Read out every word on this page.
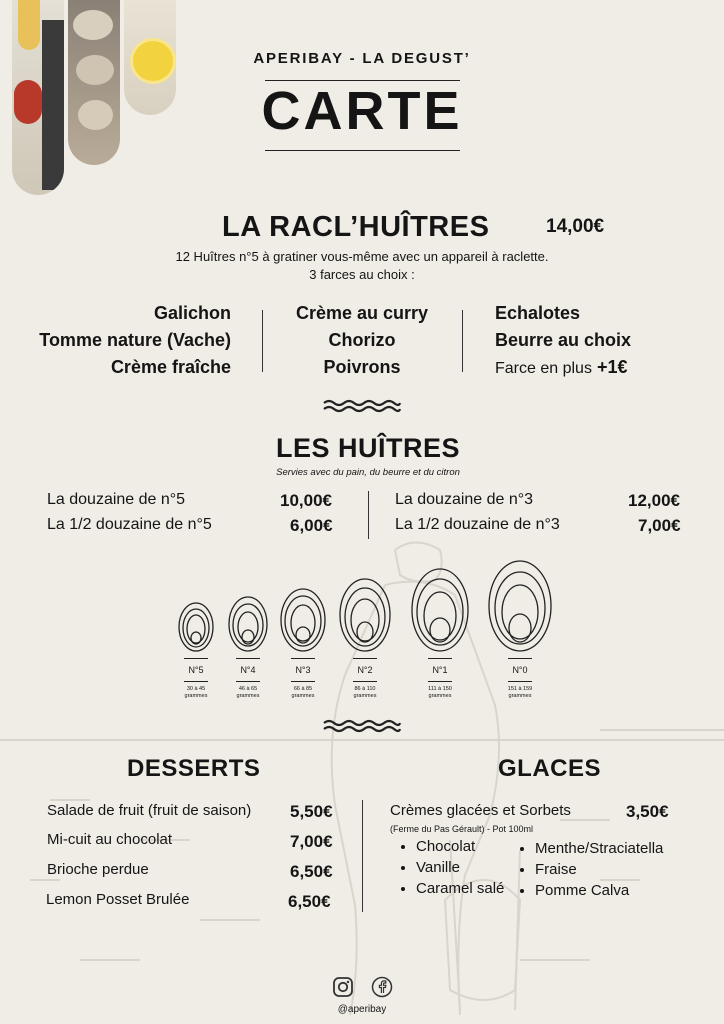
APERIBAY - LA DEGUST’
CARTE
LA RACL’HUÎTRES	14,00€
12 Huîtres n°5 à gratiner vous-même avec un appareil à raclette.
3 farces au choix :
Galichon
Tomme nature (Vache)
Crème fraîche
Crème au curry
Chorizo
Poivrons
Echalotes
Beurre au choix
Farce en plus +1€
LES HUÎTRES
Servies avec du pain, du beurre et du citron
La douzaine de n°5	10,00€
La 1/2 douzaine de n°5	6,00€
La douzaine de n°3	12,00€
La 1/2 douzaine de n°3	7,00€
N°5
30 à 45
grammes
N°4
46 à 65
grammes
N°3
66 à 85
grammes
N°2
86 à 110
grammes
N°1
111 à 150
grammes
N°0
151 à 159
grammes
DESSERTS
Salade de fruit (fruit de saison) 5,50€
Mi-cuit au chocolat	7,00€
Brioche perdue	6,50€
Lemon Posset Brulée	6,50€
GLACES
Crèmes glacées et Sorbets	3,50€
(Ferme du Pas Gérault) - Pot 100ml
• Chocolat
• Vanille
• Caramel salé
• Menthe/Straciatella
• Fraise
• Pomme Calva
@aperibay
